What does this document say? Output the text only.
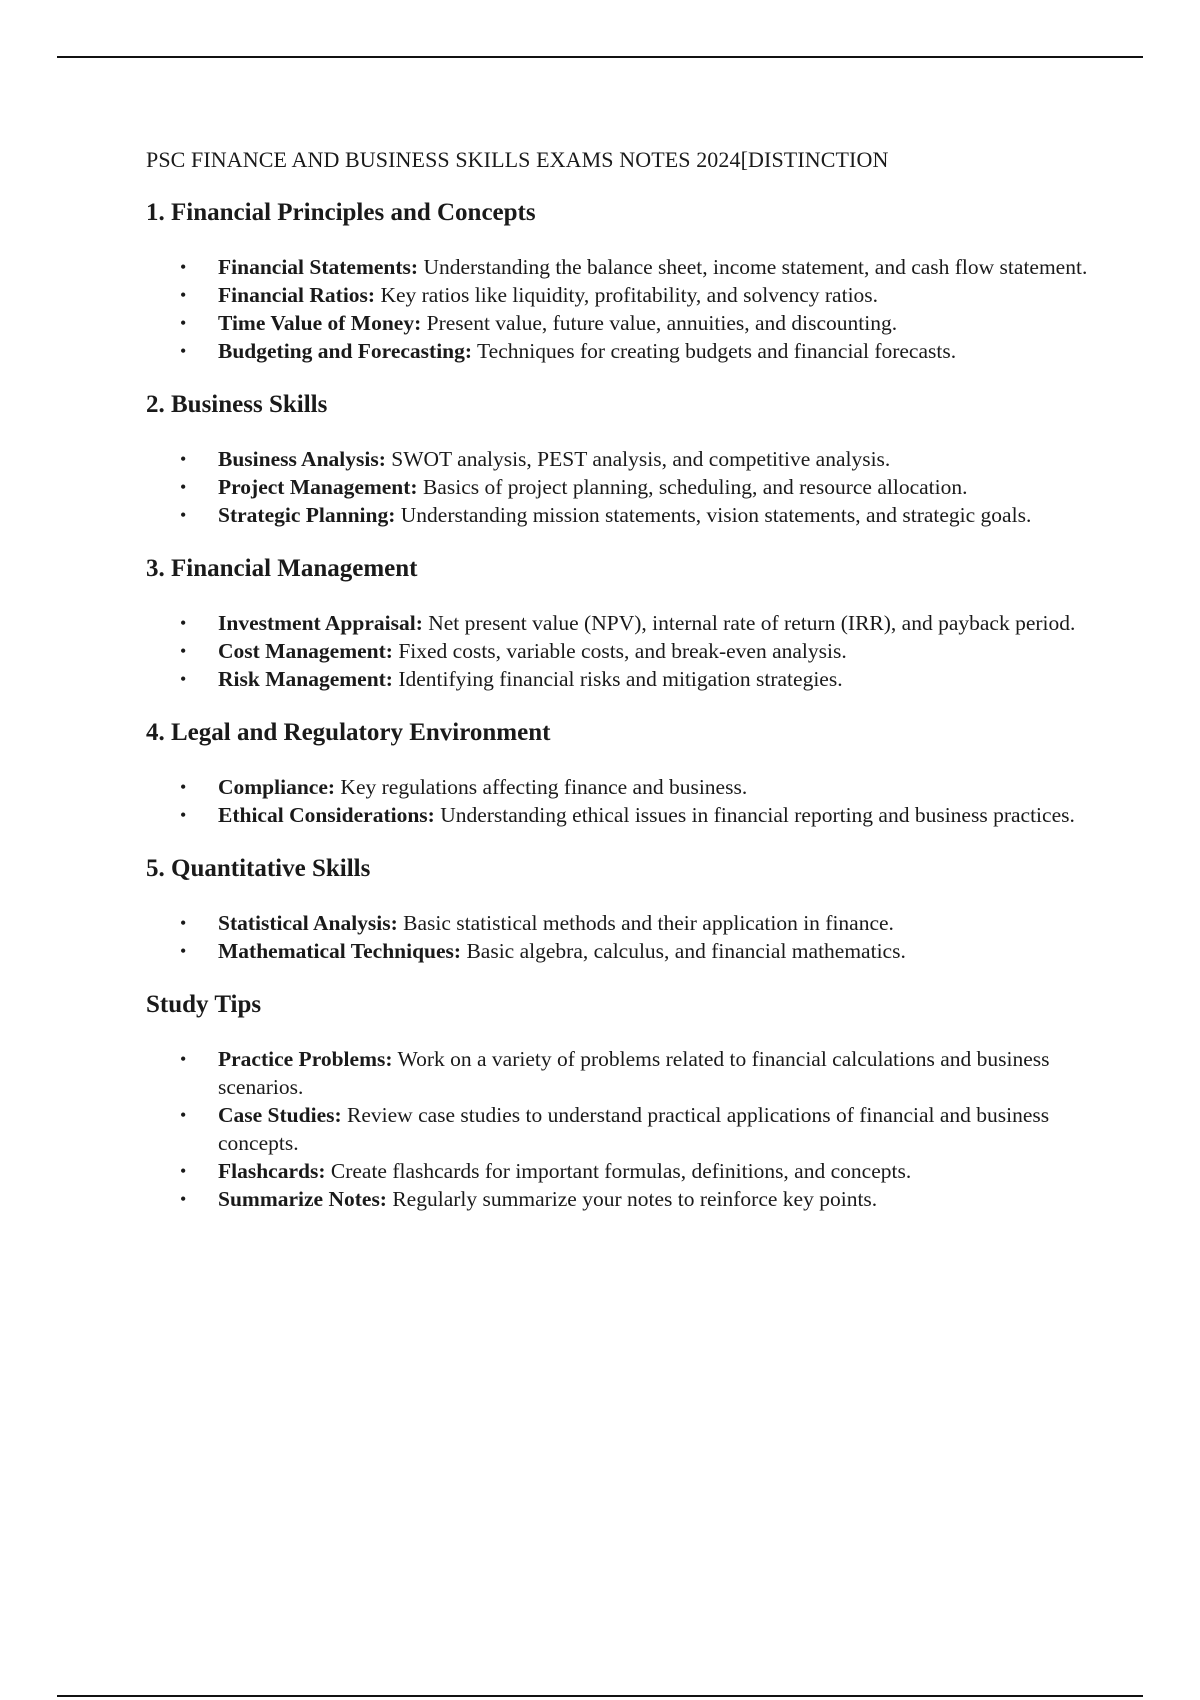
PSC FINANCE AND BUSINESS SKILLS EXAMS NOTES 2024[DISTINCTION
1. Financial Principles and Concepts
• Financial Statements: Understanding the balance sheet, income statement, and cash flow statement.
• Financial Ratios: Key ratios like liquidity, profitability, and solvency ratios.
• Time Value of Money: Present value, future value, annuities, and discounting.
• Budgeting and Forecasting: Techniques for creating budgets and financial forecasts.
2. Business Skills
• Business Analysis: SWOT analysis, PEST analysis, and competitive analysis.
• Project Management: Basics of project planning, scheduling, and resource allocation.
• Strategic Planning: Understanding mission statements, vision statements, and strategic goals.
3. Financial Management
• Investment Appraisal: Net present value (NPV), internal rate of return (IRR), and payback period.
• Cost Management: Fixed costs, variable costs, and break-even analysis.
• Risk Management: Identifying financial risks and mitigation strategies.
4. Legal and Regulatory Environment
• Compliance: Key regulations affecting finance and business.
• Ethical Considerations: Understanding ethical issues in financial reporting and business practices.
5. Quantitative Skills
• Statistical Analysis: Basic statistical methods and their application in finance.
• Mathematical Techniques: Basic algebra, calculus, and financial mathematics.
Study Tips
• Practice Problems: Work on a variety of problems related to financial calculations and business scenarios.
• Case Studies: Review case studies to understand practical applications of financial and business concepts.
• Flashcards: Create flashcards for important formulas, definitions, and concepts.
• Summarize Notes: Regularly summarize your notes to reinforce key points.
